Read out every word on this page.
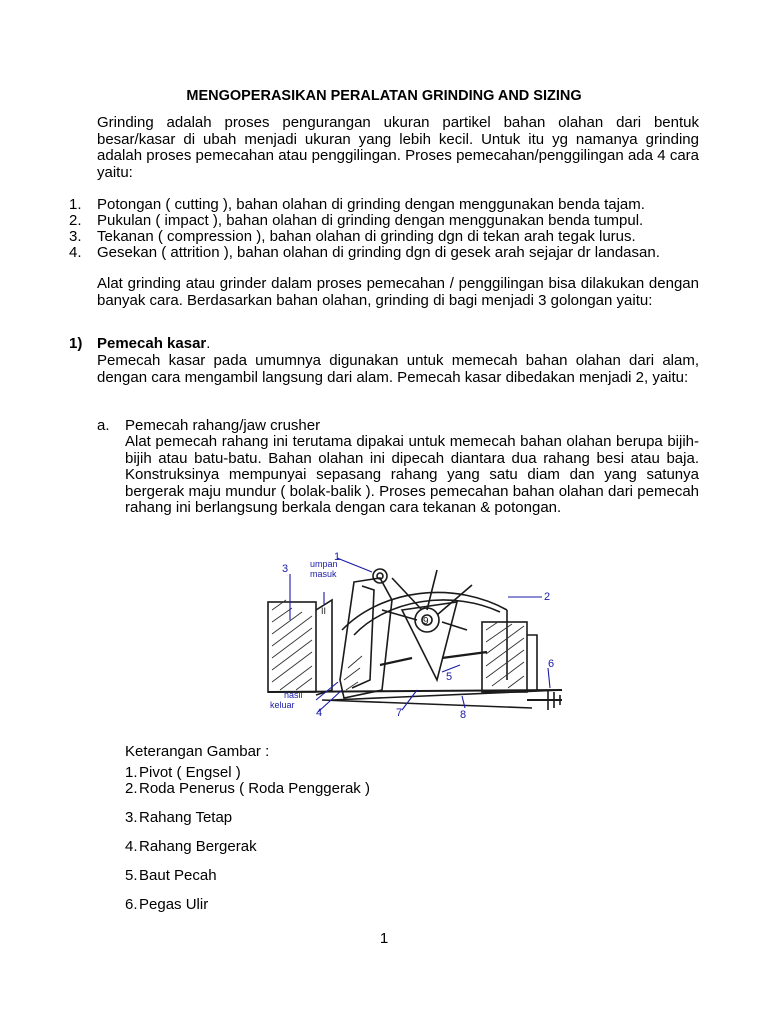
MENGOPERASIKAN PERALATAN GRINDING AND SIZING
Grinding adalah proses pengurangan ukuran partikel bahan olahan dari bentuk besar/kasar di ubah menjadi ukuran yang lebih kecil. Untuk itu yg namanya grinding adalah proses pemecahan atau penggilingan. Proses pemecahan/penggilingan ada 4 cara yaitu:
1. Potongan ( cutting ), bahan olahan di grinding dengan menggunakan benda tajam.
2. Pukulan ( impact ), bahan olahan di grinding dengan menggunakan benda tumpul.
3. Tekanan ( compression ), bahan olahan di grinding dgn di tekan arah tegak lurus.
4. Gesekan ( attrition ), bahan olahan di grinding dgn di gesek arah sejajar dr landasan.
Alat grinding atau grinder dalam proses pemecahan / penggilingan bisa dilakukan dengan banyak cara. Berdasarkan bahan olahan, grinding di bagi menjadi 3 golongan yaitu:
1) Pemecah kasar.
Pemecah kasar pada umumnya digunakan untuk memecah bahan olahan dari alam, dengan cara mengambil langsung dari alam. Pemecah kasar dibedakan menjadi 2, yaitu:
a. Pemecah rahang/jaw crusher
Alat pemecah rahang ini terutama dipakai untuk memecah bahan olahan berupa bijih-bijih atau batu-batu. Bahan olahan ini dipecah diantara dua rahang besi atau baja. Konstruksinya mempunyai sepasang rahang yang satu diam dan yang satunya bergerak maju mundur ( bolak-balik ). Proses pemecahan bahan olahan dari pemecah rahang ini berlangsung berkala dengan cara tekanan & potongan.
3
1
umpan
masuk
2
6
5
hasil
keluar
4	7	8
9
II
Keterangan Gambar :
1.Pivot ( Engsel )
2.Roda Penerus ( Roda Penggerak )
3.Rahang Tetap
4.Rahang Bergerak
5.Baut Pecah
6.Pegas Ulir
1
